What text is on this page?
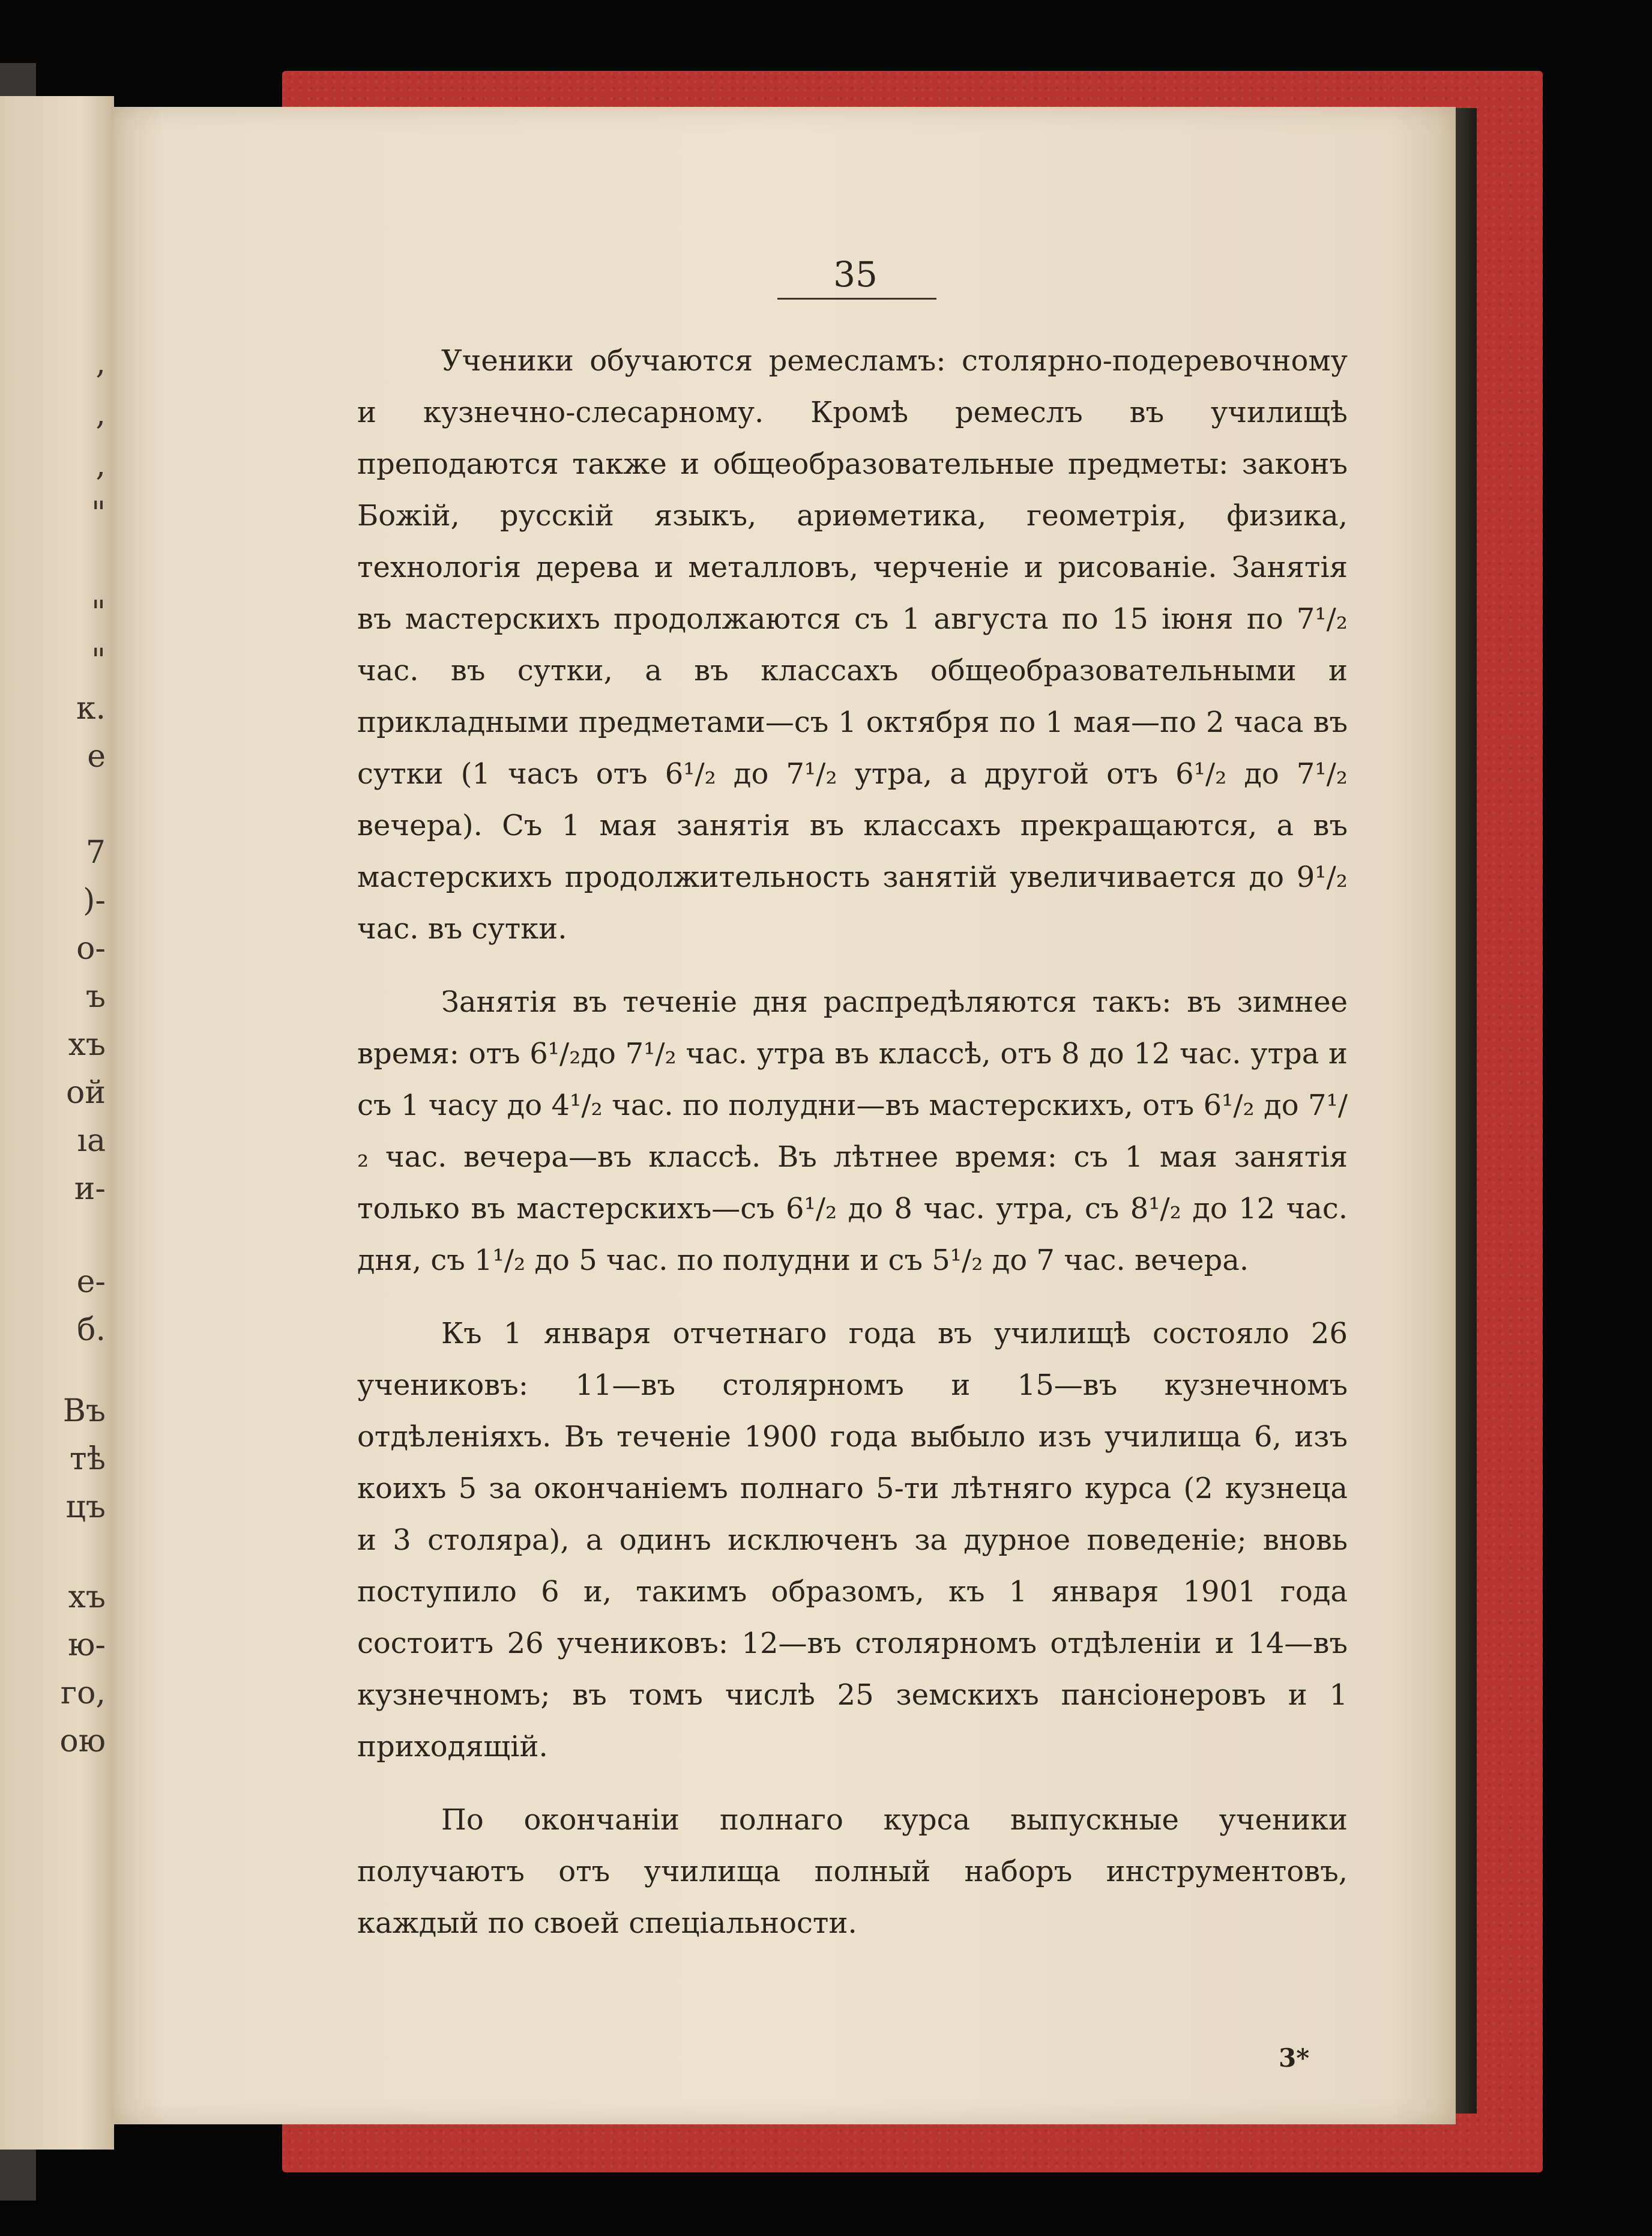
,
,
,
"
"
"
к.
е
7
)-
о-
ъ
хъ
ой
ıa
и-
е-
б.
Въ
тѣ
цъ
хъ
ю-
го,
ою
35

Ученики обучаются ремесламъ: столярно-подеревочному и кузнечно-слесарному. Кромѣ ремеслъ въ училищѣ преподаются также и общеобразовательные предметы: законъ Божій, русскій языкъ, ариѳметика, геометрія, физика, технологія дерева и металловъ, черченіе и рисованіе. Занятія въ мастерскихъ продолжаются съ 1 августа по 15 іюня по 7¹/₂ час. въ сутки, а въ классахъ общеобразовательными и прикладными предметами—съ 1 октября по 1 мая—по 2 часа въ сутки (1 часъ отъ 6¹/₂ до 7¹/₂ утра, а другой отъ 6¹/₂ до 7¹/₂ вечера). Съ 1 мая занятія въ классахъ прекращаются, а въ мастерскихъ продолжительность занятій увеличивается до 9¹/₂ час. въ сутки.

Занятія въ теченіе дня распредѣляются такъ: въ зимнее время: отъ 6¹/₂до 7¹/₂ час. утра въ классѣ, отъ 8 до 12 час. утра и съ 1 часу до 4¹/₂ час. по полудни—въ мастерскихъ, отъ 6¹/₂ до 7¹/₂ час. вечера—въ классѣ. Въ лѣтнее время: съ 1 мая занятія только въ мастерскихъ—съ 6¹/₂ до 8 час. утра, съ 8¹/₂ до 12 час. дня, съ 1¹/₂ до 5 час. по полудни и съ 5¹/₂ до 7 час. вечера.

Къ 1 января отчетнаго года въ училищѣ состояло 26 учениковъ: 11—въ столярномъ и 15—въ кузнечномъ отдѣленіяхъ. Въ теченіе 1900 года выбыло изъ училища 6, изъ коихъ 5 за окончаніемъ полнаго 5-ти лѣтняго курса (2 кузнеца и 3 столяра), а одинъ исключенъ за дурное поведеніе; вновь поступило 6 и, такимъ образомъ, къ 1 января 1901 года состоитъ 26 учениковъ: 12—въ столярномъ отдѣленіи и 14—въ кузнечномъ; въ томъ числѣ 25 земскихъ пансіонеровъ и 1 приходящій.

По окончаніи полнаго курса выпускные ученики получаютъ отъ училища полный наборъ инструментовъ, каждый по своей спеціальности.

3*
